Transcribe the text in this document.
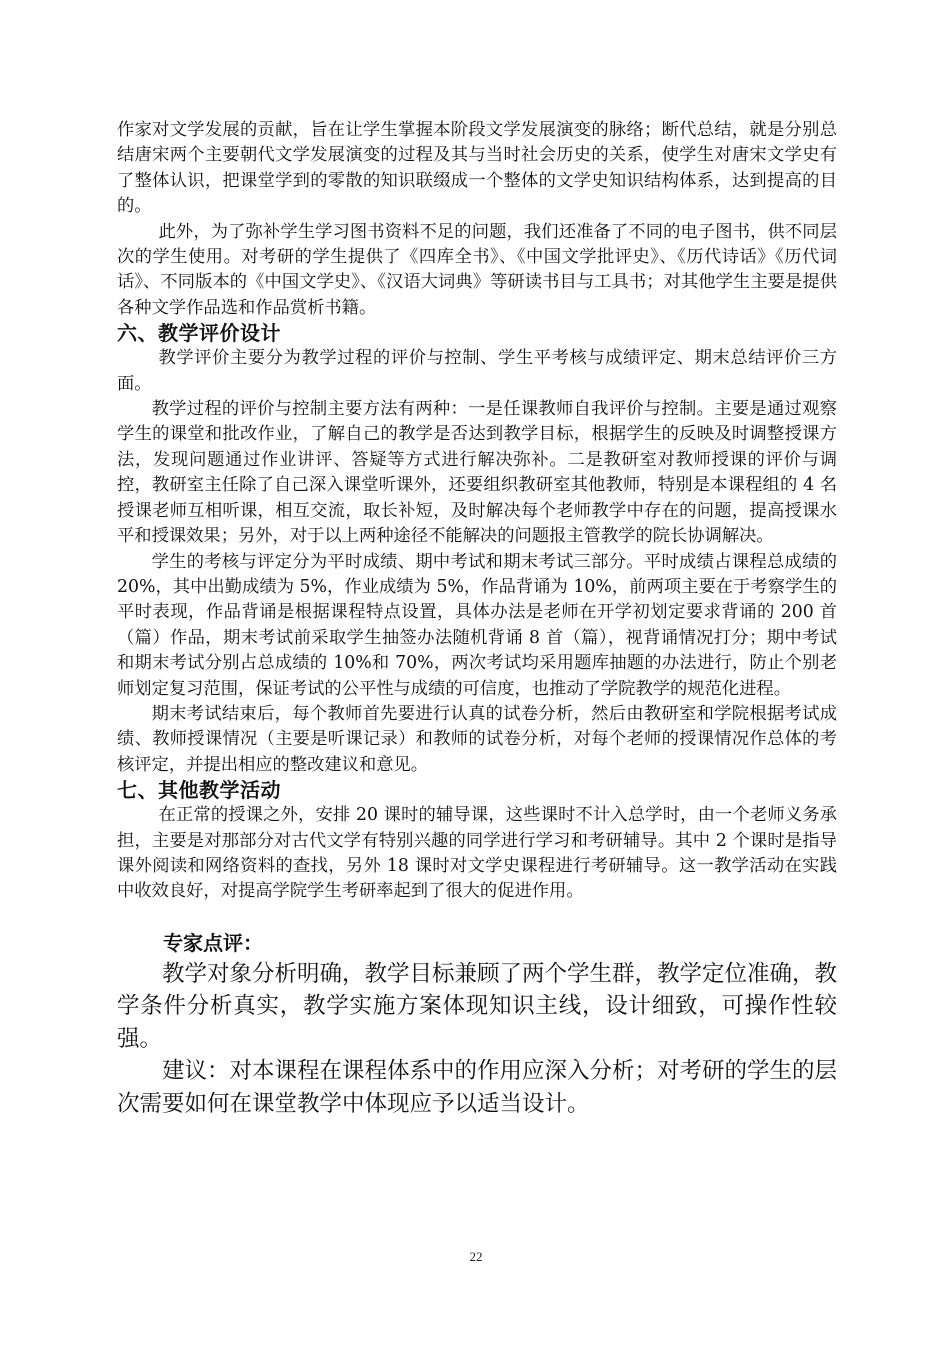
作家对文学发展的贡献，旨在让学生掌握本阶段文学发展演变的脉络；断代总结，就是分别总结唐宋两个主要朝代文学发展演变的过程及其与当时社会历史的关系，使学生对唐宋文学史有了整体认识，把课堂学到的零散的知识联缀成一个整体的文学史知识结构体系，达到提高的目的。

此外，为了弥补学生学习图书资料不足的问题，我们还准备了不同的电子图书，供不同层次的学生使用。对考研的学生提供了《四库全书》、《中国文学批评史》、《历代诗话》《历代词话》、不同版本的《中国文学史》、《汉语大词典》等研读书目与工具书；对其他学生主要是提供各种文学作品选和作品赏析书籍。

六、教学评价设计

教学评价主要分为教学过程的评价与控制、学生平考核与成绩评定、期末总结评价三方面。

教学过程的评价与控制主要方法有两种：一是任课教师自我评价与控制。主要是通过观察学生的课堂和批改作业，了解自己的教学是否达到教学目标，根据学生的反映及时调整授课方法，发现问题通过作业讲评、答疑等方式进行解决弥补。二是教研室对教师授课的评价与调控，教研室主任除了自己深入课堂听课外，还要组织教研室其他教师，特别是本课程组的 4 名授课老师互相听课，相互交流，取长补短，及时解决每个老师教学中存在的问题，提高授课水平和授课效果；另外，对于以上两种途径不能解决的问题报主管教学的院长协调解决。

学生的考核与评定分为平时成绩、期中考试和期末考试三部分。平时成绩占课程总成绩的 20%，其中出勤成绩为 5%，作业成绩为 5%，作品背诵为 10%，前两项主要在于考察学生的平时表现，作品背诵是根据课程特点设置，具体办法是老师在开学初划定要求背诵的 200 首（篇）作品，期末考试前采取学生抽签办法随机背诵 8 首（篇），视背诵情况打分；期中考试和期末考试分别占总成绩的 10%和 70%，两次考试均采用题库抽题的办法进行，防止个别老师划定复习范围，保证考试的公平性与成绩的可信度，也推动了学院教学的规范化进程。

期末考试结束后，每个教师首先要进行认真的试卷分析，然后由教研室和学院根据考试成绩、教师授课情况（主要是听课记录）和教师的试卷分析，对每个老师的授课情况作总体的考核评定，并提出相应的整改建议和意见。

七、其他教学活动

在正常的授课之外，安排 20 课时的辅导课，这些课时不计入总学时，由一个老师义务承担，主要是对那部分对古代文学有特别兴趣的同学进行学习和考研辅导。其中 2 个课时是指导课外阅读和网络资料的查找，另外 18 课时对文学史课程进行考研辅导。这一教学活动在实践中收效良好，对提高学院学生考研率起到了很大的促进作用。

专家点评：

教学对象分析明确，教学目标兼顾了两个学生群，教学定位准确，教学条件分析真实，教学实施方案体现知识主线，设计细致，可操作性较强。

建议：对本课程在课程体系中的作用应深入分析；对考研的学生的层次需要如何在课堂教学中体现应予以适当设计。

22
